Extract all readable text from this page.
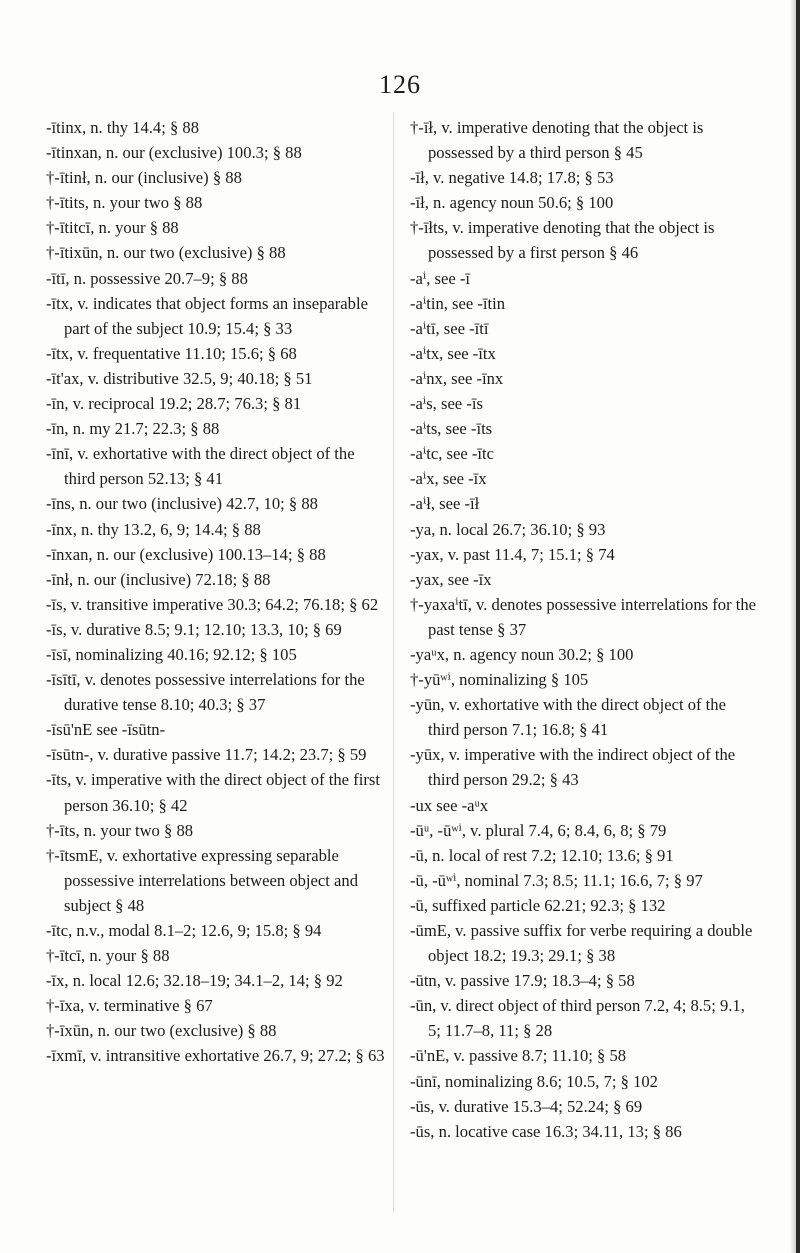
126
-ītinx, n. thy 14.4; § 88
-ītinxan, n. our (exclusive) 100.3; § 88
†-ītinł, n. our (inclusive) § 88
†-ītits, n. your two § 88
†-ītitcī, n. your § 88
†-ītixūn, n. our two (exclusive) § 88
-ītī, n. possessive 20.7–9; § 88
-ītx, v. indicates that object forms an inseparable part of the subject 10.9; 15.4; § 33
-ītx, v. frequentative 11.10; 15.6; § 68
-īt'ax, v. distributive 32.5, 9; 40.18; § 51
-īn, v. reciprocal 19.2; 28.7; 76.3; § 81
-īn, n. my 21.7; 22.3; § 88
-īnī, v. exhortative with the direct object of the third person 52.13; § 41
-īns, n. our two (inclusive) 42.7, 10; § 88
-īnx, n. thy 13.2, 6, 9; 14.4; § 88
-īnxan, n. our (exclusive) 100.13–14; § 88
-īnł, n. our (inclusive) 72.18; § 88
-īs, v. transitive imperative 30.3; 64.2; 76.18; § 62
-īs, v. durative 8.5; 9.1; 12.10; 13.3, 10; § 69
-īsī, nominalizing 40.16; 92.12; § 105
-īsītī, v. denotes possessive interrelations for the durative tense 8.10; 40.3; § 37
-īsū'nE see -īsūtn-
-īsūtn-, v. durative passive 11.7; 14.2; 23.7; § 59
-īts, v. imperative with the direct object of the first person 36.10; § 42
†-īts, n. your two § 88
†-ītsmE, v. exhortative expressing separable possessive interrelations between object and subject § 48
-ītc, n.v., modal 8.1–2; 12.6, 9; 15.8; § 94
†-ītcī, n. your § 88
-īx, n. local 12.6; 32.18–19; 34.1–2, 14; § 92
†-īxa, v. terminative § 67
†-īxūn, n. our two (exclusive) § 88
-īxmī, v. intransitive exhortative 26.7, 9; 27.2; § 63
†-īł, v. imperative denoting that the object is possessed by a third person § 45
-īł, v. negative 14.8; 17.8; § 53
-īł, n. agency noun 50.6; § 100
†-īłts, v. imperative denoting that the object is possessed by a first person § 46
-aⁱ, see -ī
-aⁱtin, see -ītin
-aⁱtī, see -ītī
-aⁱtx, see -ītx
-aⁱnx, see -īnx
-aⁱs, see -īs
-aⁱts, see -īts
-aⁱtc, see -ītc
-aⁱx, see -īx
-aⁱł, see -īł
-ya, n. local 26.7; 36.10; § 93
-yax, v. past 11.4, 7; 15.1; § 74
-yax, see -īx
†-yaxaⁱtī, v. denotes possessive interrelations for the past tense § 37
-yaᵘx, n. agency noun 30.2; § 100
†-yūʷⁱ, nominalizing § 105
-yūn, v. exhortative with the direct object of the third person 7.1; 16.8; § 41
-yūx, v. imperative with the indirect object of the third person 29.2; § 43
-ux see -aᵘx
-ūᵘ, -ūʷⁱ, v. plural 7.4, 6; 8.4, 6, 8; § 79
-ū, n. local of rest 7.2; 12.10; 13.6; § 91
-ū, -ūʷⁱ, nominal 7.3; 8.5; 11.1; 16.6, 7; § 97
-ū, suffixed particle 62.21; 92.3; § 132
-ūmE, v. passive suffix for verbe requiring a double object 18.2; 19.3; 29.1; § 38
-ūtn, v. passive 17.9; 18.3–4; § 58
-ūn, v. direct object of third person 7.2, 4; 8.5; 9.1, 5; 11.7–8, 11; § 28
-ū'nE, v. passive 8.7; 11.10; § 58
-ūnī, nominalizing 8.6; 10.5, 7; § 102
-ūs, v. durative 15.3–4; 52.24; § 69
-ūs, n. locative case 16.3; 34.11, 13; § 86
